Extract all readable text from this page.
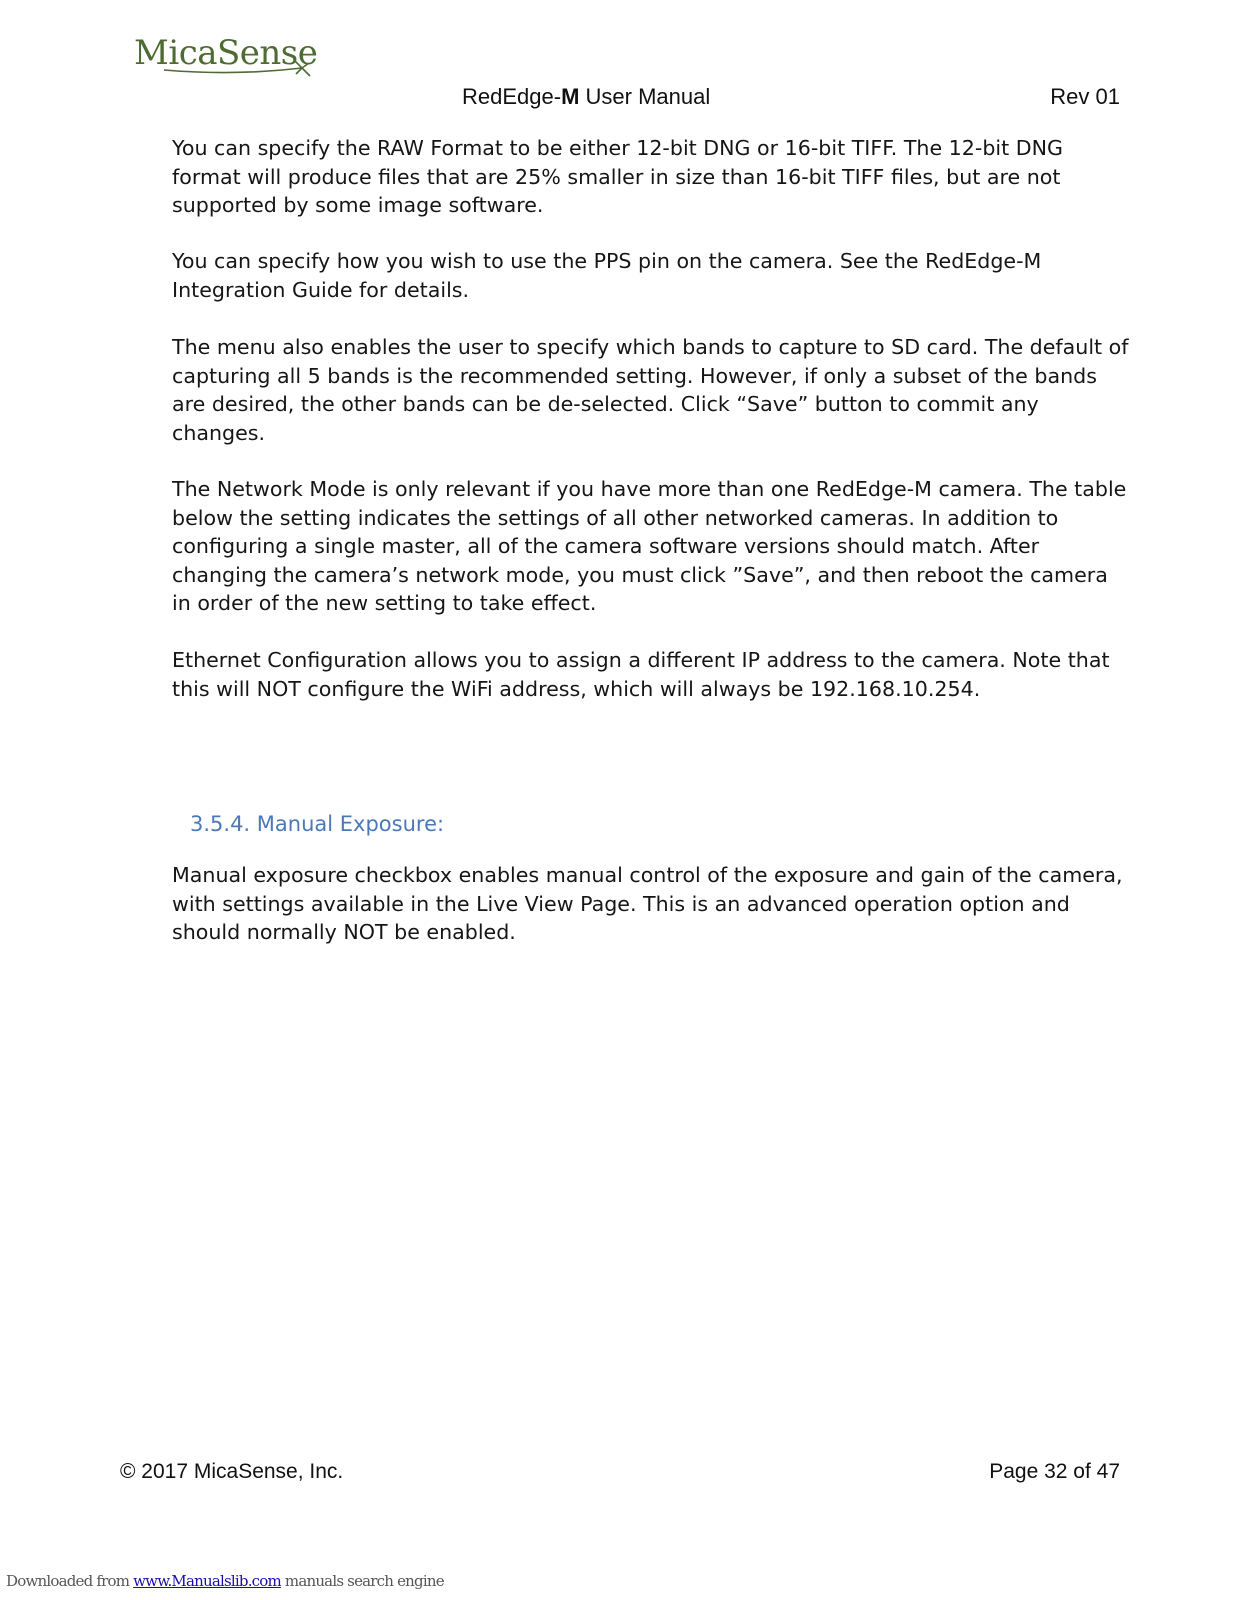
MicaSense
RedEdge-M User Manual	Rev 01

You can specify the RAW Format to be either 12-bit DNG or 16-bit TIFF. The 12-bit DNG format will produce files that are 25% smaller in size than 16-bit TIFF files, but are not supported by some image software.

You can specify how you wish to use the PPS pin on the camera. See the RedEdge-M Integration Guide for details.

The menu also enables the user to specify which bands to capture to SD card. The default of capturing all 5 bands is the recommended setting. However, if only a subset of the bands are desired, the other bands can be de-selected. Click “Save” button to commit any changes.

The Network Mode is only relevant if you have more than one RedEdge-M camera. The table below the setting indicates the settings of all other networked cameras. In addition to configuring a single master, all of the camera software versions should match. After changing the camera’s network mode, you must click ”Save”, and then reboot the camera in order of the new setting to take effect.

Ethernet Configuration allows you to assign a different IP address to the camera. Note that this will NOT configure the WiFi address, which will always be 192.168.10.254.

3.5.4. Manual Exposure:

Manual exposure checkbox enables manual control of the exposure and gain of the camera, with settings available in the Live View Page. This is an advanced operation option and should normally NOT be enabled.

© 2017 MicaSense, Inc.	Page 32 of 47
Downloaded from www.Manualslib.com manuals search engine
